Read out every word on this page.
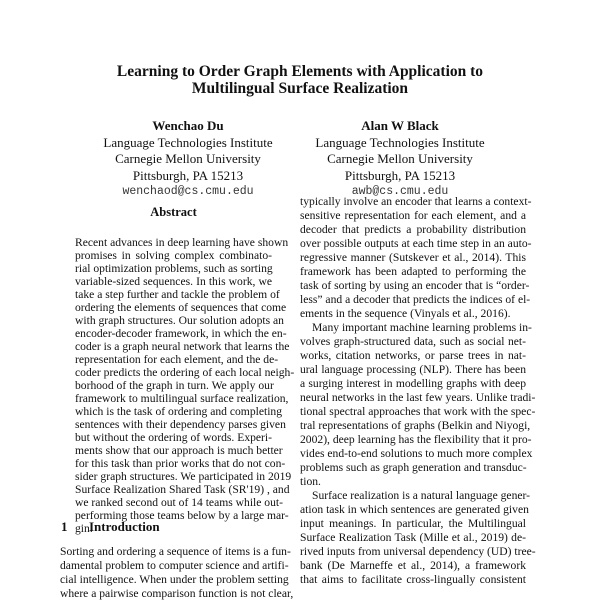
Learning to Order Graph Elements with Application to
Multilingual Surface Realization
Wenchao Du
Language Technologies Institute
Carnegie Mellon University
Pittsburgh, PA 15213
wenchaod@cs.cmu.edu
Alan W Black
Language Technologies Institute
Carnegie Mellon University
Pittsburgh, PA 15213
awb@cs.cmu.edu
Abstract
Recent advances in deep learning have shown
promises in solving complex combinato-
rial optimization problems, such as sorting
variable-sized sequences. In this work, we
take a step further and tackle the problem of
ordering the elements of sequences that come
with graph structures. Our solution adopts an
encoder-decoder framework, in which the en-
coder is a graph neural network that learns the
representation for each element, and the de-
coder predicts the ordering of each local neigh-
borhood of the graph in turn. We apply our
framework to multilingual surface realization,
which is the task of ordering and completing
sentences with their dependency parses given
but without the ordering of words. Experi-
ments show that our approach is much better
for this task than prior works that do not con-
sider graph structures. We participated in 2019
Surface Realization Shared Task (SR'19) , and
we ranked second out of 14 teams while out-
performing those teams below by a large mar-
gin.
1 Introduction
Sorting and ordering a sequence of items is a fun-
damental problem to computer science and artifi-
cial intelligence. When under the problem setting
where a pairwise comparison function is not clear,
typically involve an encoder that learns a context-
sensitive representation for each element, and a
decoder that predicts a probability distribution
over possible outputs at each time step in an auto-
regressive manner (Sutskever et al., 2014). This
framework has been adapted to performing the
task of sorting by using an encoder that is “order-
less” and a decoder that predicts the indices of el-
ements in the sequence (Vinyals et al., 2016).
Many important machine learning problems in-
volves graph-structured data, such as social net-
works, citation networks, or parse trees in nat-
ural language processing (NLP). There has been
a surging interest in modelling graphs with deep
neural networks in the last few years. Unlike tradi-
tional spectral approaches that work with the spec-
tral representations of graphs (Belkin and Niyogi,
2002), deep learning has the flexibility that it pro-
vides end-to-end solutions to much more complex
problems such as graph generation and transduc-
tion.
Surface realization is a natural language gener-
ation task in which sentences are generated given
input meanings. In particular, the Multilingual
Surface Realization Task (Mille et al., 2019) de-
rived inputs from universal dependency (UD) tree-
bank (De Marneffe et al., 2014), a framework
that aims to facilitate cross-lingually consistent
